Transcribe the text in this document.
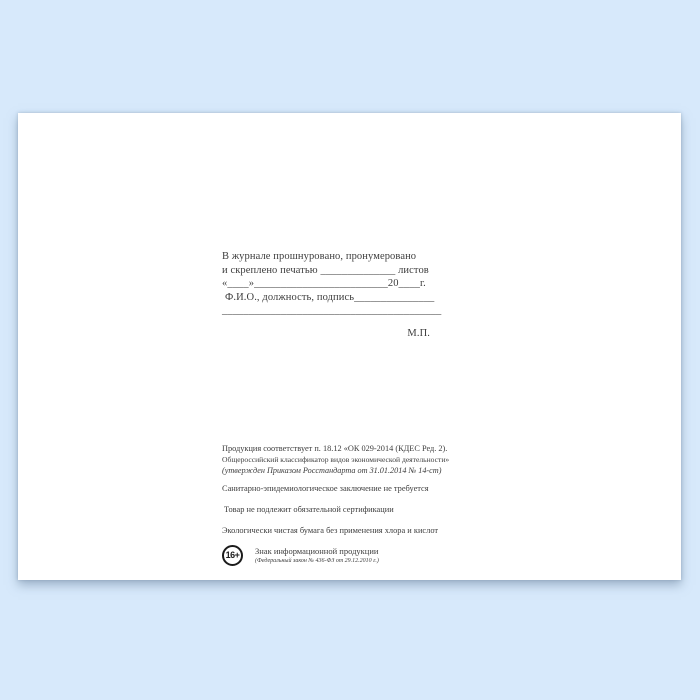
В журнале прошнуровано, пронумеровано
и скреплено печатью ______________ листов
«____»_________________________20____г.
Ф.И.О., должность, подпись_______________
_________________________________________
М.П.
Продукция соответствует п. 18.12 «ОК 029-2014 (КДЕС Ред. 2).
Общероссийский классификатор видов экономической деятельности»
(утвержден Приказом Росстандарта от 31.01.2014 № 14-ст)
Санитарно-эпидемиологическое заключение не требуется
Товар не подлежит обязательной сертификации
Экологически чистая бумага без применения хлора и кислот
16+	Знак информационной продукции
(Федеральный закон № 436-ФЗ от 29.12.2010 г.)
